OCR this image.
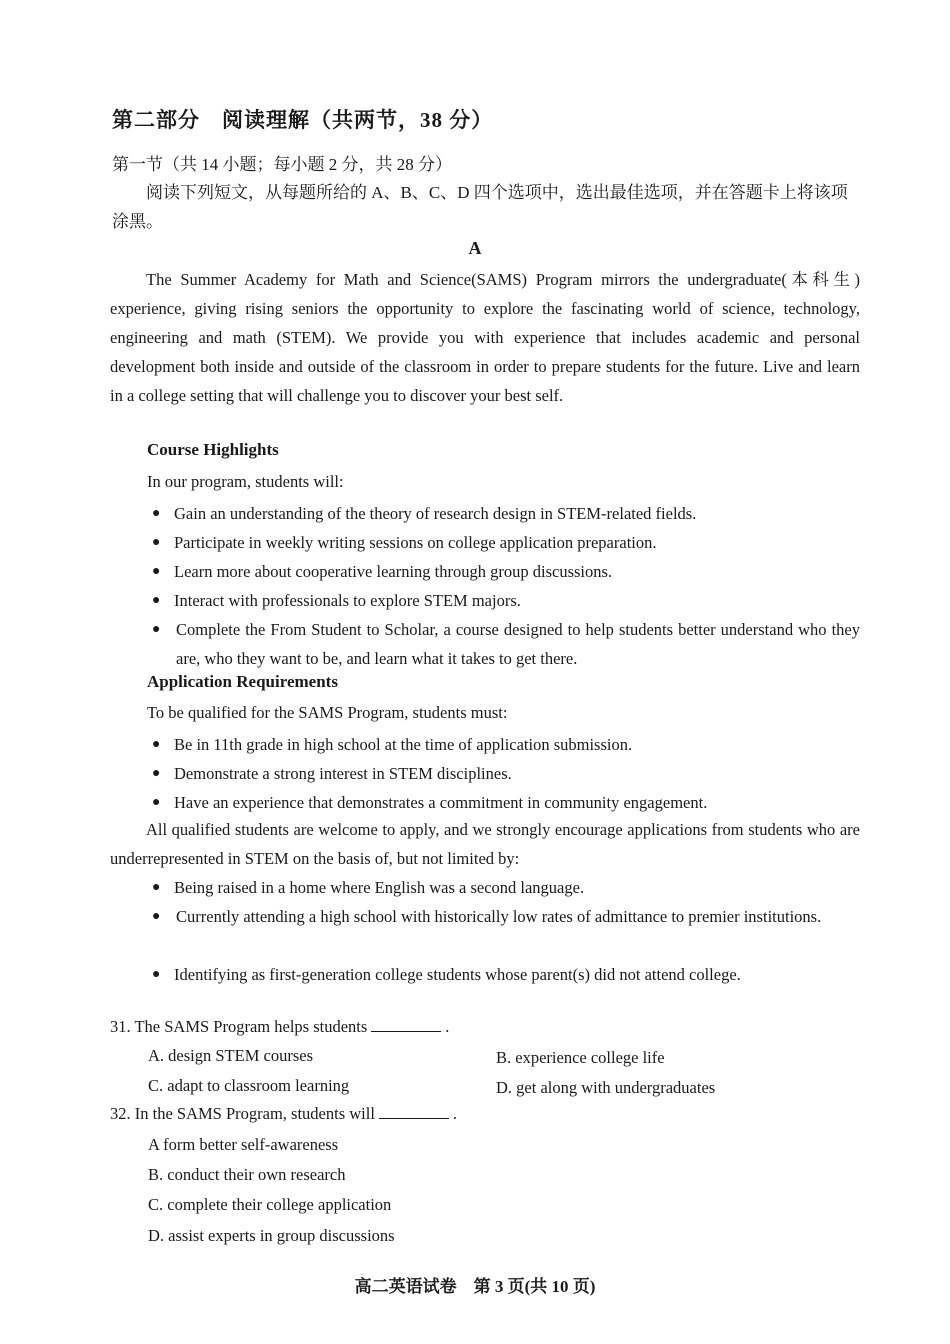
第二部分　阅读理解（共两节，38 分）
第一节（共 14 小题；每小题 2 分，共 28 分）
阅读下列短文，从每题所给的 A、B、C、D 四个选项中，选出最佳选项，并在答题卡上将该项涂黑。
A
The Summer Academy for Math and Science(SAMS) Program mirrors the undergraduate(本科生) experience, giving rising seniors the opportunity to explore the fascinating world of science, technology, engineering and math (STEM). We provide you with experience that includes academic and personal development both inside and outside of the classroom in order to prepare students for the future. Live and learn in a college setting that will challenge you to discover your best self.
Course Highlights
In our program, students will:
● Gain an understanding of the theory of research design in STEM-related fields.
● Participate in weekly writing sessions on college application preparation.
● Learn more about cooperative learning through group discussions.
● Interact with professionals to explore STEM majors.
● Complete the From Student to Scholar, a course designed to help students better understand who they are, who they want to be, and learn what it takes to get there.
Application Requirements
To be qualified for the SAMS Program, students must:
● Be in 11th grade in high school at the time of application submission.
● Demonstrate a strong interest in STEM disciplines.
● Have an experience that demonstrates a commitment in community engagement.
All qualified students are welcome to apply, and we strongly encourage applications from students who are underrepresented in STEM on the basis of, but not limited by:
● Being raised in a home where English was a second language.
● Currently attending a high school with historically low rates of admittance to premier institutions.
● Identifying as first-generation college students whose parent(s) did not attend college.
31. The SAMS Program helps students	.
A. design STEM courses	B. experience college life
C. adapt to classroom learning	D. get along with undergraduates
32. In the SAMS Program, students will	.
A form better self-awareness
B. conduct their own research
C. complete their college application
D. assist experts in group discussions
高二英语试卷　第 3 页(共 10 页)
